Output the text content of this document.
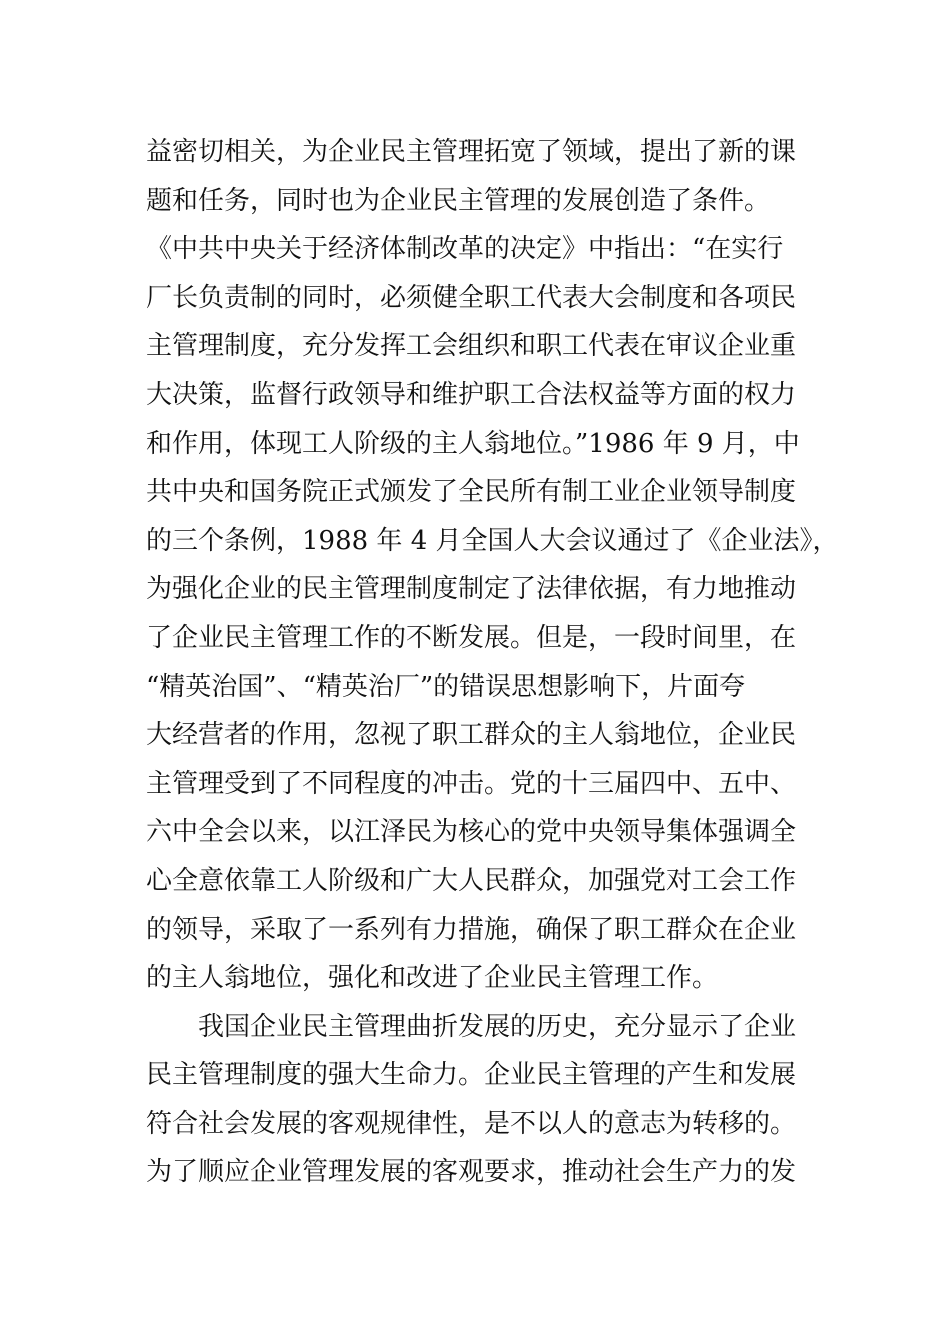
益密切相关，为企业民主管理拓宽了领域，提出了新的课
题和任务，同时也为企业民主管理的发展创造了条件。
《中共中央关于经济体制改革的决定》中指出：“在实行
厂长负责制的同时，必须健全职工代表大会制度和各项民
主管理制度，充分发挥工会组织和职工代表在审议企业重
大决策，监督行政领导和维护职工合法权益等方面的权力
和作用，体现工人阶级的主人翁地位。”1986 年 9 月，中
共中央和国务院正式颁发了全民所有制工业企业领导制度
的三个条例，1988 年 4 月全国人大会议通过了《企业法》，
为强化企业的民主管理制度制定了法律依据，有力地推动
了企业民主管理工作的不断发展。但是，一段时间里，在
“精英治国”、“精英治厂”的错误思想影响下，片面夸
大经营者的作用，忽视了职工群众的主人翁地位，企业民
主管理受到了不同程度的冲击。党的十三届四中、五中、
六中全会以来，以江泽民为核心的党中央领导集体强调全
心全意依靠工人阶级和广大人民群众，加强党对工会工作
的领导，采取了一系列有力措施，确保了职工群众在企业
的主人翁地位，强化和改进了企业民主管理工作。
我国企业民主管理曲折发展的历史，充分显示了企业
民主管理制度的强大生命力。企业民主管理的产生和发展
符合社会发展的客观规律性，是不以人的意志为转移的。
为了顺应企业管理发展的客观要求，推动社会生产力的发
